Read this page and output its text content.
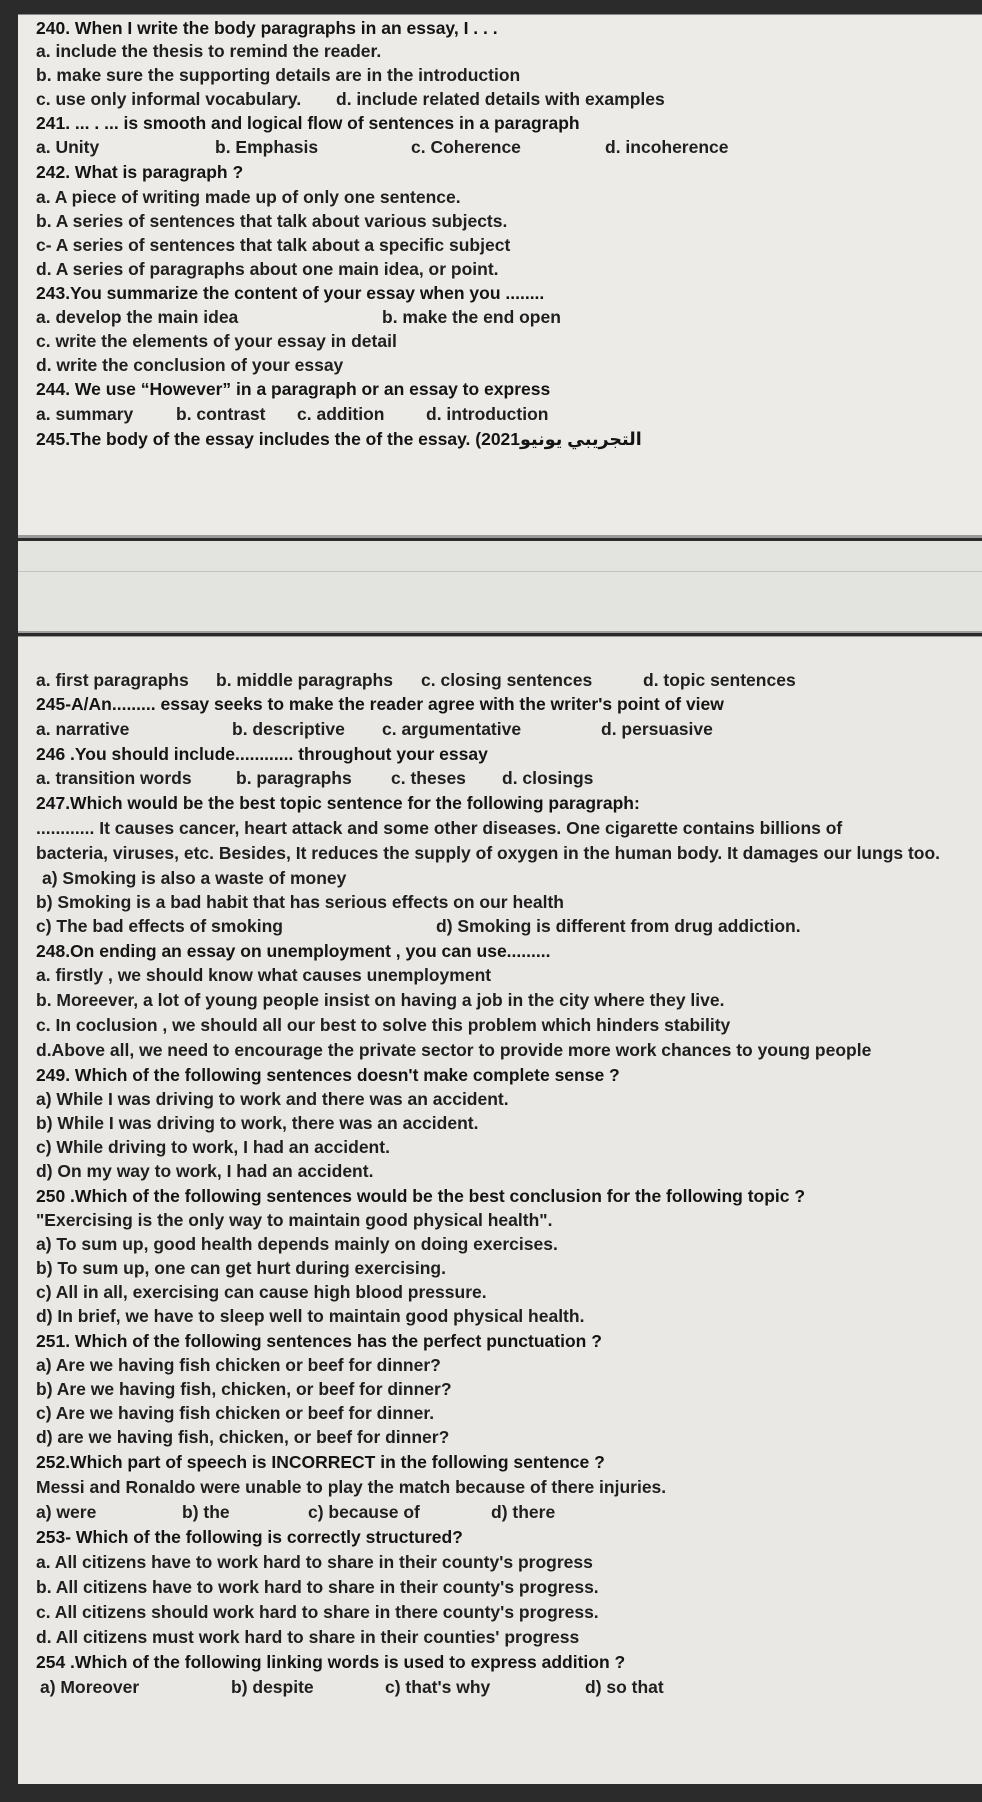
240. When I write the body paragraphs in an essay, I . . .
a. include the thesis to remind the reader.
b. make sure the supporting details are in the introduction
c. use only informal vocabulary. d. include related details with examples
241. ... . ... is smooth and logical flow of sentences in a paragraph
a. Unity	b. Emphasis	c. Coherence	d. incoherence
242. What is paragraph ?
a. A piece of writing made up of only one sentence.
b. A series of sentences that talk about various subjects.
c- A series of sentences that talk about a specific subject
d. A series of paragraphs about one main idea, or point.
243.You summarize the content of your essay when you ........
a. develop the main idea	b. make the end open
c. write the elements of your essay in detail
d. write the conclusion of your essay
244. We use “However” in a paragraph or an essay to express
a. summary b. contrast c. addition d. introduction
245.The body of the essay includes the of the essay. (2021التجريبي يونيو
a. first paragraphs b. middle paragraphs c. closing sentences	d. topic sentences
245-A/An......... essay seeks to make the reader agree with the writer's point of view
a. narrative	b. descriptive c. argumentative	d. persuasive
246 .You should include............ throughout your essay
a. transition words	b. paragraphs c. theses d. closings
247.Which would be the best topic sentence for the following paragraph:
............ It causes cancer, heart attack and some other diseases. One cigarette contains billions of
bacteria, viruses, etc. Besides, It reduces the supply of oxygen in the human body. It damages our lungs too.
a) Smoking is also a waste of money
b) Smoking is a bad habit that has serious effects on our health
c) The bad effects of smoking	d) Smoking is different from drug addiction.
248.On ending an essay on unemployment , you can use.........
a. firstly , we should know what causes unemployment
b. Moreever, a lot of young people insist on having a job in the city where they live.
c. In coclusion , we should all our best to solve this problem which hinders stability
d.Above all, we need to encourage the private sector to provide more work chances to young people
249. Which of the following sentences doesn't make complete sense ?
a) While I was driving to work and there was an accident.
b) While I was driving to work, there was an accident.
c) While driving to work, I had an accident.
d) On my way to work, I had an accident.
250 .Which of the following sentences would be the best conclusion for the following topic ?
"Exercising is the only way to maintain good physical health".
a) To sum up, good health depends mainly on doing exercises.
b) To sum up, one can get hurt during exercising.
c) All in all, exercising can cause high blood pressure.
d) In brief, we have to sleep well to maintain good physical health.
251. Which of the following sentences has the perfect punctuation ?
a) Are we having fish chicken or beef for dinner?
b) Are we having fish, chicken, or beef for dinner?
c) Are we having fish chicken or beef for dinner.
d) are we having fish, chicken, or beef for dinner?
252.Which part of speech is INCORRECT in the following sentence ?
Messi and Ronaldo were unable to play the match because of there injuries.
a) were	b) the	c) because of	d) there
253- Which of the following is correctly structured?
a. All citizens have to work hard to share in their county's progress
b. All citizens have to work hard to share in their county's progress.
c. All citizens should work hard to share in there county's progress.
d. All citizens must work hard to share in their counties' progress
254 .Which of the following linking words is used to express addition ?
a) Moreover	b) despite	c) that's why	d) so that
